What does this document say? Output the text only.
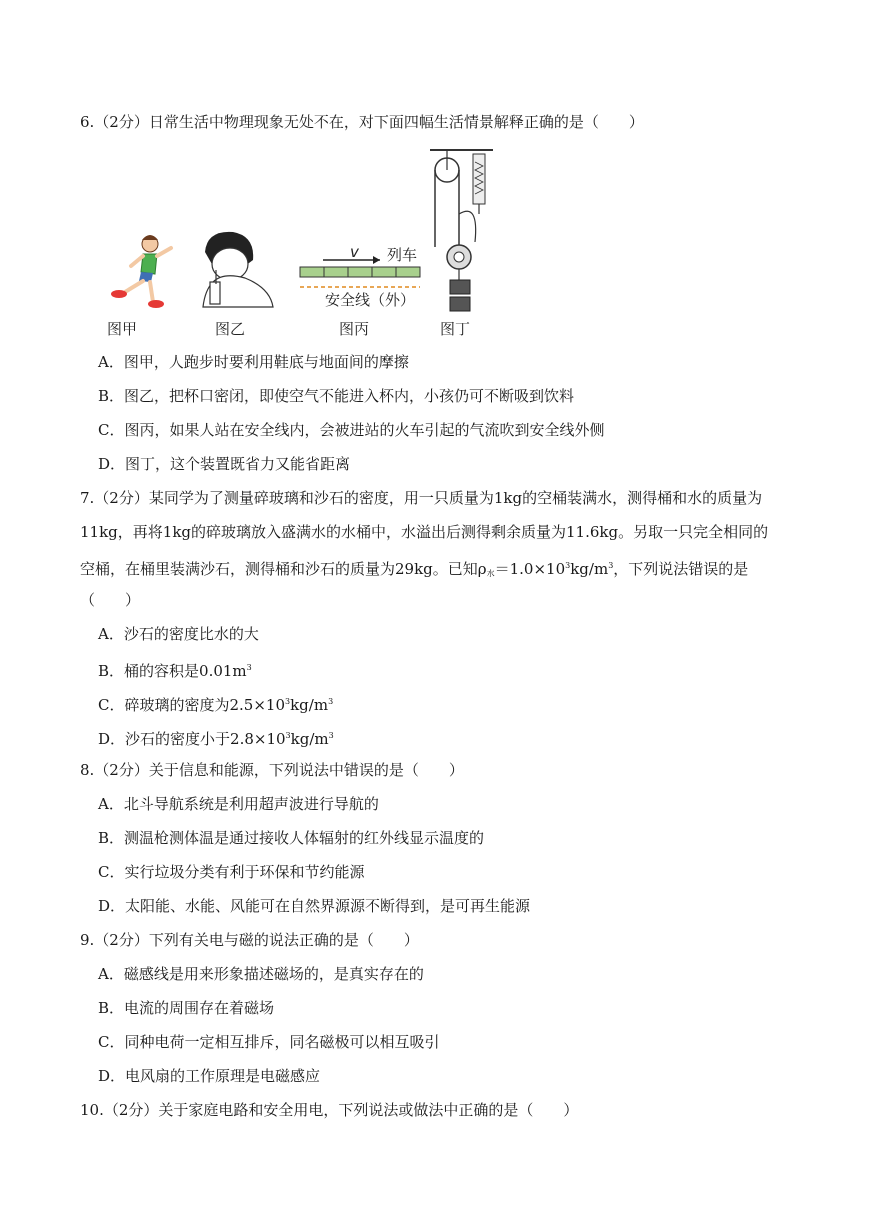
6.（2分）日常生活中物理现象无处不在，对下面四幅生活情景解释正确的是（　　）
v 列车
安全线（外）
图甲	图乙	图丙	图丁
A．图甲，人跑步时要利用鞋底与地面间的摩擦
B．图乙，把杯口密闭，即使空气不能进入杯内，小孩仍可不断吸到饮料
C．图丙，如果人站在安全线内，会被进站的火车引起的气流吹到安全线外侧
D．图丁，这个装置既省力又能省距离
7.（2分）某同学为了测量碎玻璃和沙石的密度，用一只质量为1kg的空桶装满水，测得桶和水的质量为
11kg，再将1kg的碎玻璃放入盛满水的水桶中，水溢出后测得剩余质量为11.6kg。另取一只完全相同的
空桶，在桶里装满沙石，测得桶和沙石的质量为29kg。已知$\rho_水=1.0\times 10^3kg/m^3$，下列说法错误的是
（　　）
A．沙石的密度比水的大
B．桶的容积是$0.01m^3$
C．碎玻璃的密度为$2.5\times 10^3kg/m^3$
D．沙石的密度小于$2.8\times 10^3kg/m^3$
8.（2分）关于信息和能源，下列说法中错误的是（　　）
A．北斗导航系统是利用超声波进行导航的
B．测温枪测体温是通过接收人体辐射的红外线显示温度的
C．实行垃圾分类有利于环保和节约能源
D．太阳能、水能、风能可在自然界源源不断得到，是可再生能源
9.（2分）下列有关电与磁的说法正确的是（　　）
A．磁感线是用来形象描述磁场的，是真实存在的
B．电流的周围存在着磁场
C．同种电荷一定相互排斥，同名磁极可以相互吸引
D．电风扇的工作原理是电磁感应
10.（2分）关于家庭电路和安全用电，下列说法或做法中正确的是（　　）
